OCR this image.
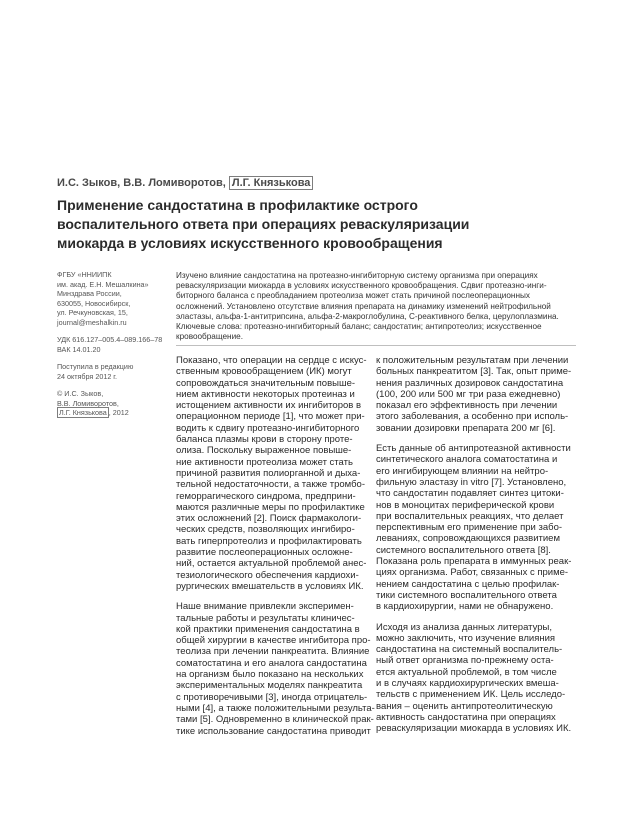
И.С. Зыков, В.В. Ломиворотов, Л.Г. Князькова
Применение сандостатина в профилактике острого
воспалительного ответа при операциях реваскуляризации
миокарда в условиях искусственного кровообращения
ФГБУ «ННИИПК
им. акад. Е.Н. Мешалкина»
Минздрава России,
630055, Новосибирск,
ул. Речкуновская, 15,
journal@meshalkin.ru
УДК 616.127–005.4–089.166–78
ВАК 14.01.20
Поступила в редакцию
24 октября 2012 г.
© И.С. Зыков,
В.В. Ломиворотов,
Л.Г. Князькова , 2012
Изучено влияние сандостатина на протеазно-ингибиторную систему организма при операциях
реваскуляризации миокарда в условиях искусственного кровообращения. Сдвиг протеазно-инги-
биторного баланса с преобладанием протеолиза может стать причиной послеоперационных
осложнений. Установлено отсутствие влияния препарата на динамику изменений нейтрофильной
эластазы, альфа-1-антитрипсина, альфа-2-макроглобулина, С-реактивного белка, церулоплазмина.
Ключевые слова: протеазно-ингибиторный баланс; сандостатин; антипротеолиз; искусственное
кровообращение.
Показано, что операции на сердце с искус-
ственным кровообращением (ИК) могут
сопровождаться значительным повыше-
нием активности некоторых протеиназ и
истощением активности их ингибиторов в
операционном периоде [1], что может при-
водить к сдвигу протеазно-ингибиторного
баланса плазмы крови в сторону проте-
олиза. Поскольку выраженное повыше-
ние активности протеолиза может стать
причиной развития полиорганной и дыха-
тельной недостаточности, а также тромбо-
геморрагического синдрома, предприни-
маются различные меры по профилактике
этих осложнений [2]. Поиск фармакологи-
ческих средств, позволяющих ингибиро-
вать гиперпротеолиз и профилактировать
развитие послеоперационных осложне-
ний, остается актуальной проблемой анес-
тезиологического обеспечения кардиохи-
рургических вмешательств в условиях ИК.
Наше внимание привлекли эксперимен-
тальные работы и результаты клиничес-
кой практики применения сандостатина в
общей хирургии в качестве ингибитора про-
теолиза при лечении панкреатита. Влияние
соматостатина и его аналога сандостатина
на организм было показано на нескольких
экспериментальных моделях панкреатита
с противоречивыми [3], иногда отрицатель-
ными [4], а также положительными результа-
тами [5]. Одновременно в клинической прак-
тике использование сандостатина приводит
к положительным результатам при лечении
больных панкреатитом [3]. Так, опыт приме-
нения различных дозировок сандостатина
(100, 200 или 500 мг три раза ежедневно)
показал его эффективность при лечении
этого заболевания, а особенно при исполь-
зовании дозировки препарата 200 мг [6].
Есть данные об антипротеазной активности
синтетического аналога соматостатина и
его ингибирующем влиянии на нейтро-
фильную эластазу in vitro [7]. Установлено,
что сандостатин подавляет синтез цитоки-
нов в моноцитах периферической крови
при воспалительных реакциях, что делает
перспективным его применение при забо-
леваниях, сопровождающихся развитием
системного воспалительного ответа [8].
Показана роль препарата в иммунных реак-
циях организма. Работ, связанных с приме-
нением сандостатина с целью профилак-
тики системного воспалительного ответа
в кардиохирургии, нами не обнаружено.
Исходя из анализа данных литературы,
можно заключить, что изучение влияния
сандостатина на системный воспалитель-
ный ответ организма по-прежнему оста-
ется актуальной проблемой, в том числе
и в случаях кардиохирургических вмеша-
тельств с применением ИК. Цель исследо-
вания – оценить антипротеолитическую
активность сандостатина при операциях
реваскуляризации миокарда в условиях ИК.
